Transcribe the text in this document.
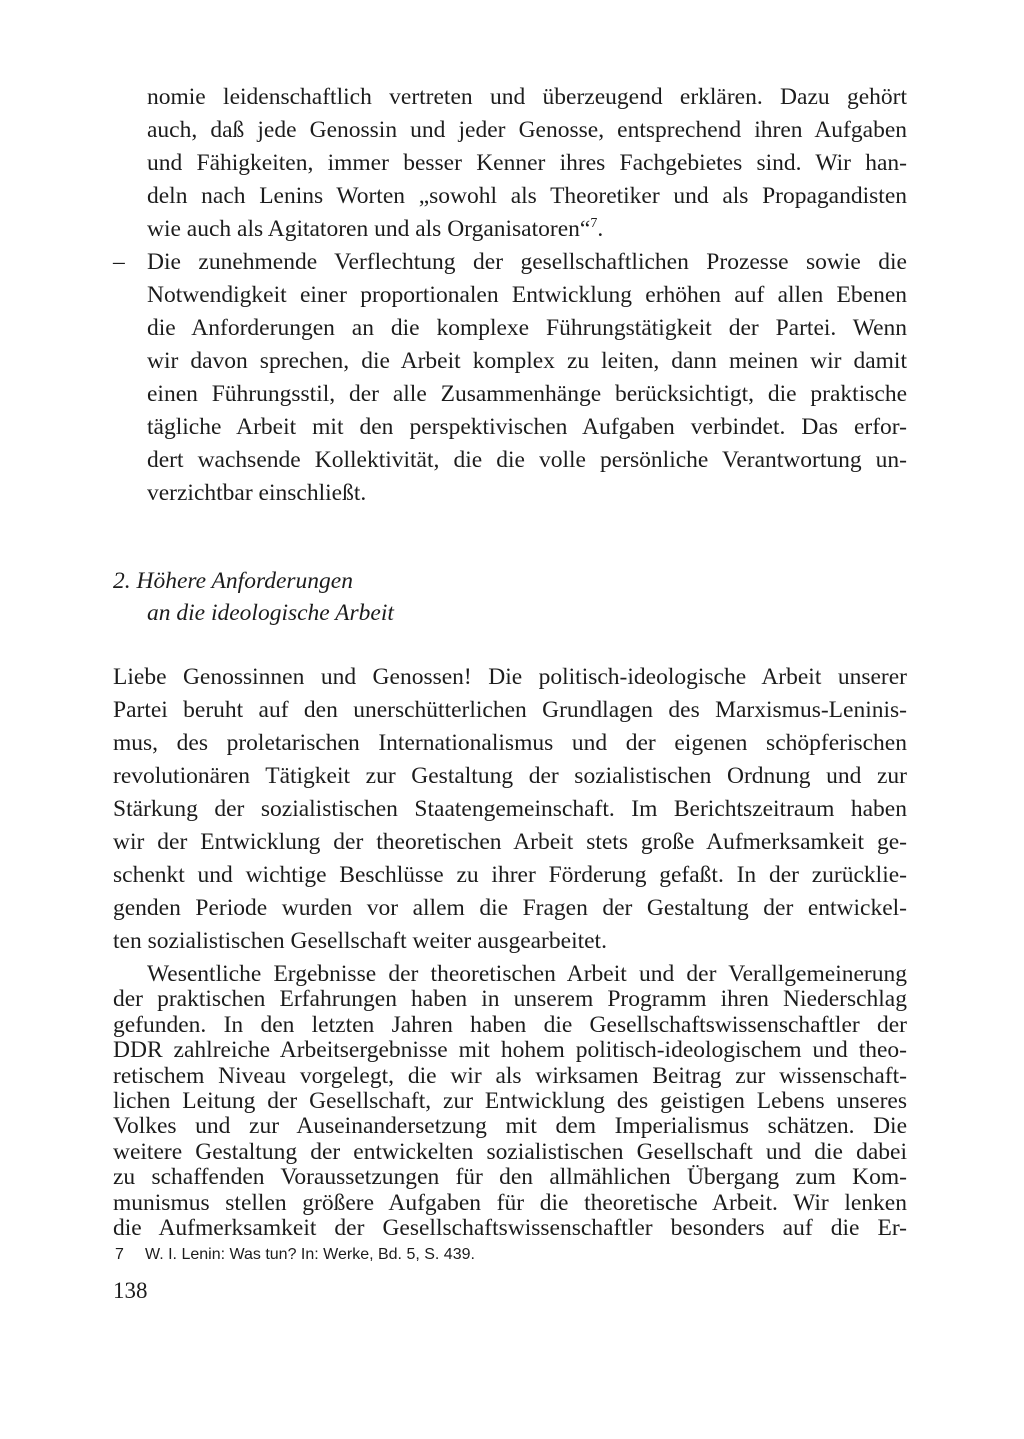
nomie leidenschaftlich vertreten und überzeugend erklären. Dazu gehört
auch, daß jede Genossin und jeder Genosse, entsprechend ihren Aufgaben
und Fähigkeiten, immer besser Kenner ihres Fachgebietes sind. Wir han-
deln nach Lenins Worten „sowohl als Theoretiker und als Propagandisten
wie auch als Agitatoren und als Organisatoren“$^7$.
– Die zunehmende Verflechtung der gesellschaftlichen Prozesse sowie die
Notwendigkeit einer proportionalen Entwicklung erhöhen auf allen Ebenen
die Anforderungen an die komplexe Führungstätigkeit der Partei. Wenn
wir davon sprechen, die Arbeit komplex zu leiten, dann meinen wir damit
einen Führungsstil, der alle Zusammenhänge berücksichtigt, die praktische
tägliche Arbeit mit den perspektivischen Aufgaben verbindet. Das erfor-
dert wachsende Kollektivität, die die volle persönliche Verantwortung un-
verzichtbar einschließt.
2. Höhere Anforderungen
an die ideologische Arbeit
Liebe Genossinnen und Genossen! Die politisch-ideologische Arbeit unserer
Partei beruht auf den unerschütterlichen Grundlagen des Marxismus-Leninis-
mus, des proletarischen Internationalismus und der eigenen schöpferischen
revolutionären Tätigkeit zur Gestaltung der sozialistischen Ordnung und zur
Stärkung der sozialistischen Staatengemeinschaft. Im Berichtszeitraum haben
wir der Entwicklung der theoretischen Arbeit stets große Aufmerksamkeit ge-
schenkt und wichtige Beschlüsse zu ihrer Förderung gefaßt. In der zurücklie-
genden Periode wurden vor allem die Fragen der Gestaltung der entwickel-
ten sozialistischen Gesellschaft weiter ausgearbeitet.
Wesentliche Ergebnisse der theoretischen Arbeit und der Verallgemeinerung
der praktischen Erfahrungen haben in unserem Programm ihren Niederschlag
gefunden. In den letzten Jahren haben die Gesellschaftswissenschaftler der
DDR zahlreiche Arbeitsergebnisse mit hohem politisch-ideologischem und theo-
retischem Niveau vorgelegt, die wir als wirksamen Beitrag zur wissenschaft-
lichen Leitung der Gesellschaft, zur Entwicklung des geistigen Lebens unseres
Volkes und zur Auseinandersetzung mit dem Imperialismus schätzen. Die
weitere Gestaltung der entwickelten sozialistischen Gesellschaft und die dabei
zu schaffenden Voraussetzungen für den allmählichen Übergang zum Kom-
munismus stellen größere Aufgaben für die theoretische Arbeit. Wir lenken
die Aufmerksamkeit der Gesellschaftswissenschaftler besonders auf die Er-
7 W. I. Lenin: Was tun? In: Werke, Bd. 5, S. 439.
138
